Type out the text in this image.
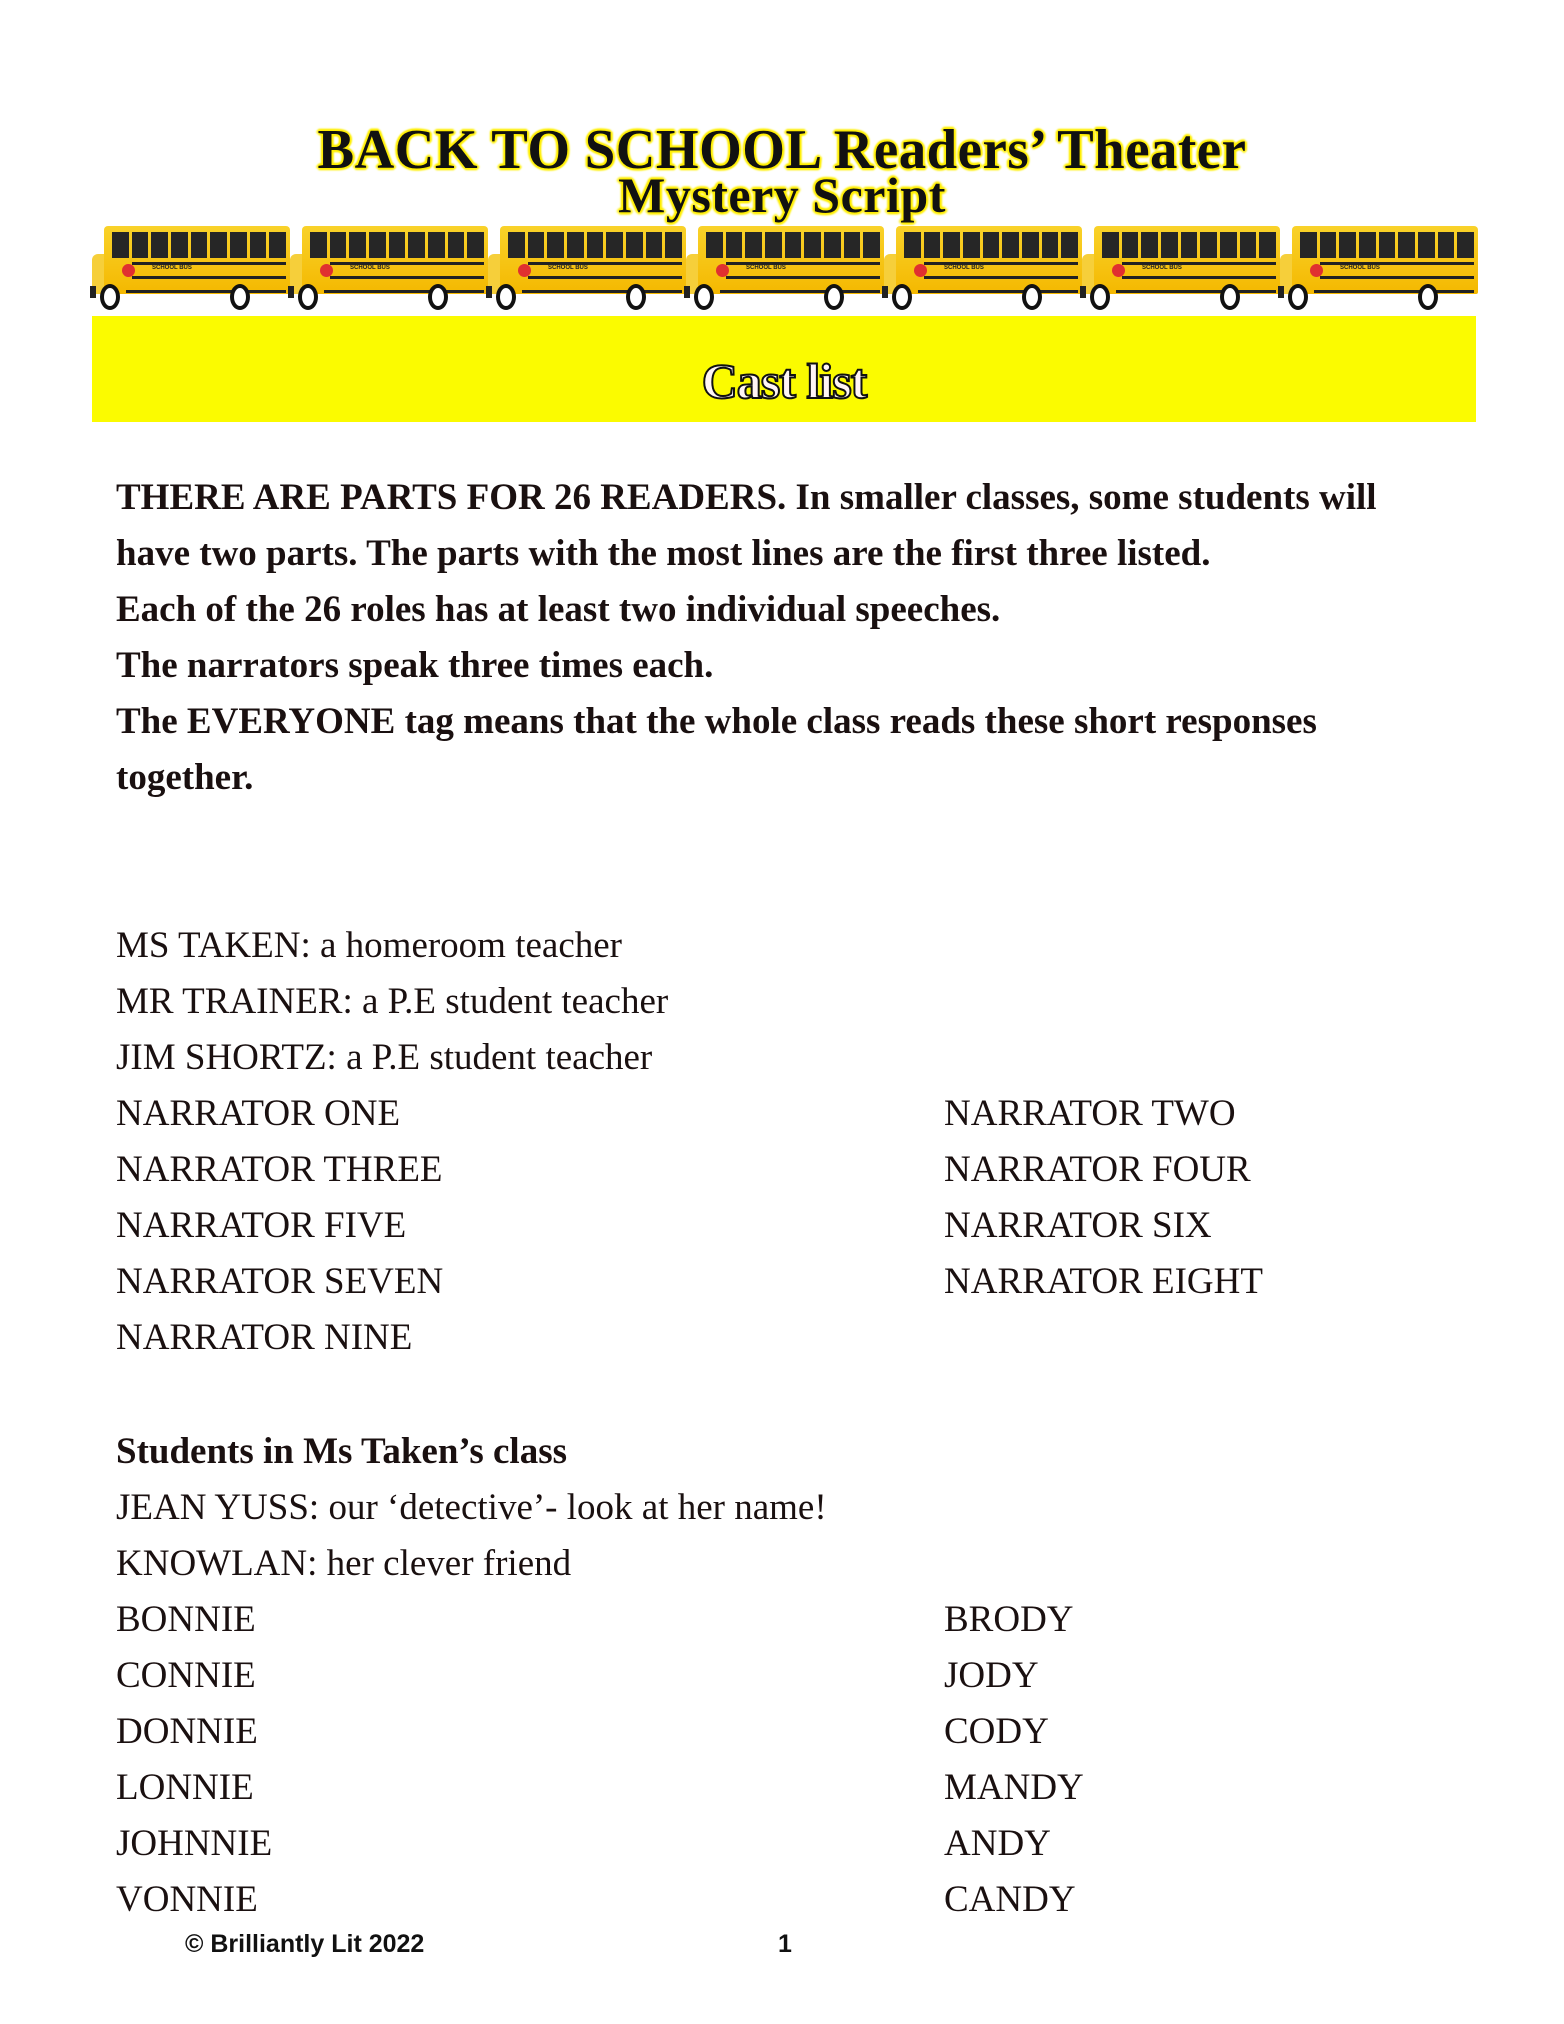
BACK TO SCHOOL Readers’ Theater
Mystery Script
SCHOOL BUS	SCHOOL BUS	SCHOOL BUS	SCHOOL BUS	SCHOOL BUS	SCHOOL BUS	SCHOOL BUS
Cast list

THERE ARE PARTS FOR 26 READERS. In smaller classes, some students will have two parts. The parts with the most lines are the first three listed.

Each of the 26 roles has at least two individual speeches.

The narrators speak three times each.

The EVERYONE tag means that the whole class reads these short responses together.

MS TAKEN: a homeroom teacher
MR TRAINER: a P.E student teacher
JIM SHORTZ: a P.E student teacher
NARRATOR ONE	NARRATOR TWO
NARRATOR THREE	NARRATOR FOUR
NARRATOR FIVE	NARRATOR SIX
NARRATOR SEVEN	NARRATOR EIGHT
NARRATOR NINE
Students in Ms Taken’s class
JEAN YUSS: our ‘detective’- look at her name!
KNOWLAN: her clever friend
BONNIE	BRODY
CONNIE	JODY
DONNIE	CODY
LONNIE	MANDY
JOHNNIE	ANDY
VONNIE	CANDY
© Brilliantly Lit 2022	1
